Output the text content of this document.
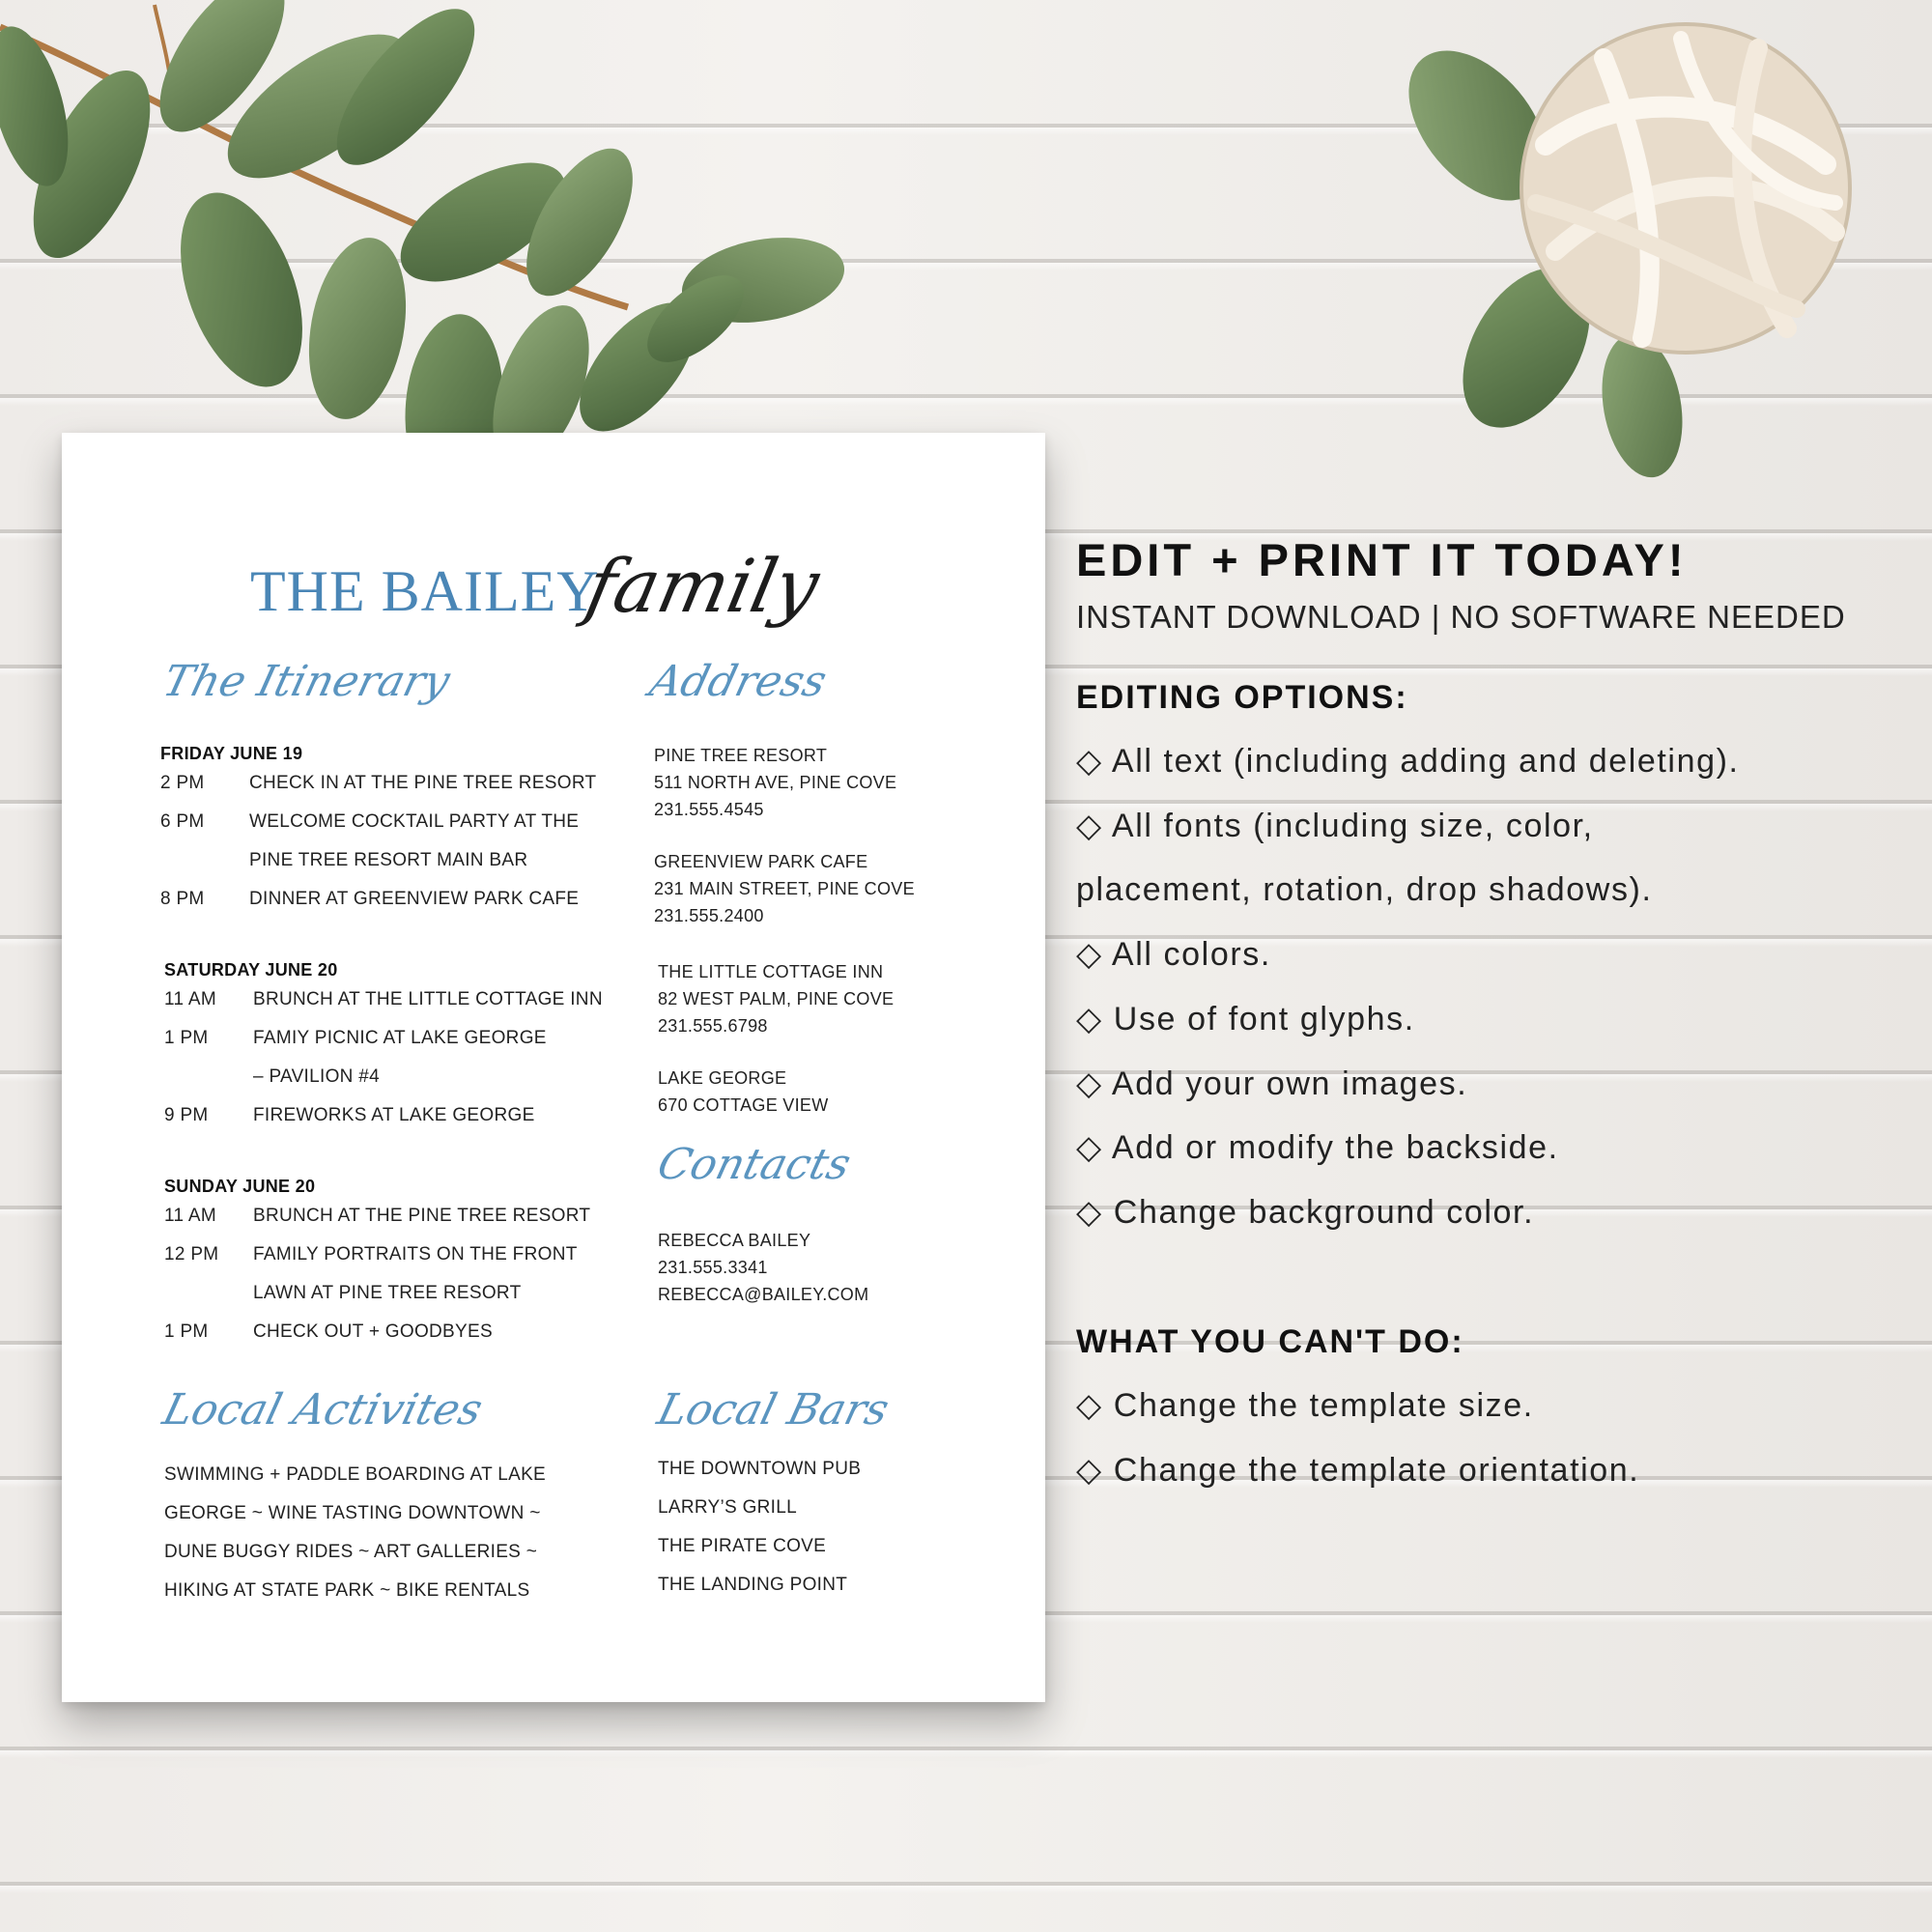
THE BAILEY
family
The Itinerary	Address
FRIDAY JUNE 19
2 PM CHECK IN AT THE PINE TREE RESORT
6 PM WELCOME COCKTAIL PARTY AT THE
PINE TREE RESORT MAIN BAR
8 PM DINNER AT GREENVIEW PARK CAFE
SATURDAY JUNE 20
11 AM BRUNCH AT THE LITTLE COTTAGE INN
1 PM FAMIY PICNIC AT LAKE GEORGE
– PAVILION #4
9 PM FIREWORKS AT LAKE GEORGE
SUNDAY JUNE 20
11 AM BRUNCH AT THE PINE TREE RESORT
12 PM FAMILY PORTRAITS ON THE FRONT
LAWN AT PINE TREE RESORT
1 PM CHECK OUT + GOODBYES
PINE TREE RESORT
511 NORTH AVE, PINE COVE
231.555.4545
GREENVIEW PARK CAFE
231 MAIN STREET, PINE COVE
231.555.2400
THE LITTLE COTTAGE INN
82 WEST PALM, PINE COVE
231.555.6798
LAKE GEORGE
670 COTTAGE VIEW
Contacts
REBECCA BAILEY
231.555.3341
REBECCA@BAILEY.COM
Local Activites
SWIMMING + PADDLE BOARDING AT LAKE
GEORGE ~ WINE TASTING DOWNTOWN ~
DUNE BUGGY RIDES ~ ART GALLERIES ~
HIKING AT STATE PARK ~ BIKE RENTALS
Local Bars
THE DOWNTOWN PUB
LARRY’S GRILL
THE PIRATE COVE
THE LANDING POINT
EDIT + PRINT IT TODAY!
INSTANT DOWNLOAD | NO SOFTWARE NEEDED
EDITING OPTIONS:
◇ All text (including adding and deleting).
◇ All fonts (including size, color,
placement, rotation, drop shadows).
◇ All colors.
◇ Use of font glyphs.
◇ Add your own images.
◇ Add or modify the backside.
◇ Change background color.
WHAT YOU CAN'T DO:
◇ Change the template size.
◇ Change the template orientation.
